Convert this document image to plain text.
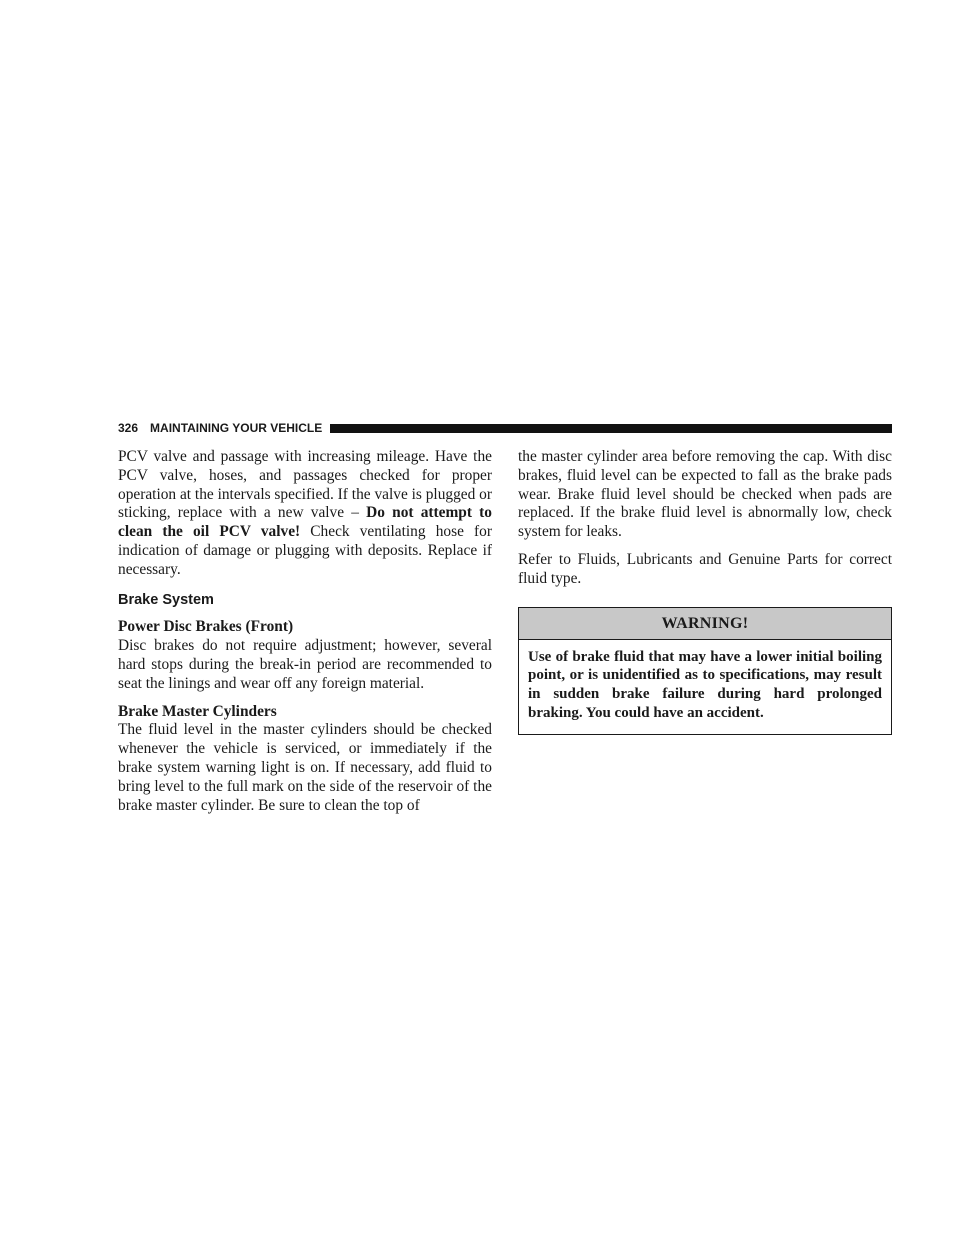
326 MAINTAINING YOUR VEHICLE

PCV valve and passage with increasing mileage. Have the PCV valve, hoses, and passages checked for proper operation at the intervals specified. If the valve is plugged or sticking, replace with a new valve – Do not attempt to clean the oil PCV valve! Check ventilating hose for indication of damage or plugging with deposits. Replace if necessary.

Brake System
Power Disc Brakes (Front)

Disc brakes do not require adjustment; however, several hard stops during the break-in period are recommended to seat the linings and wear off any foreign material.

Brake Master Cylinders

The fluid level in the master cylinders should be checked whenever the vehicle is serviced, or immediately if the brake system warning light is on. If necessary, add fluid to bring level to the full mark on the side of the reservoir of the brake master cylinder. Be sure to clean the top of

the master cylinder area before removing the cap. With disc brakes, fluid level can be expected to fall as the brake pads wear. Brake fluid level should be checked when pads are replaced. If the brake fluid level is abnormally low, check system for leaks.

Refer to Fluids, Lubricants and Genuine Parts for correct fluid type.

WARNING!
Use of brake fluid that may have a lower initial boiling point, or is unidentified as to specifications, may result in sudden brake failure during hard prolonged braking. You could have an accident.
